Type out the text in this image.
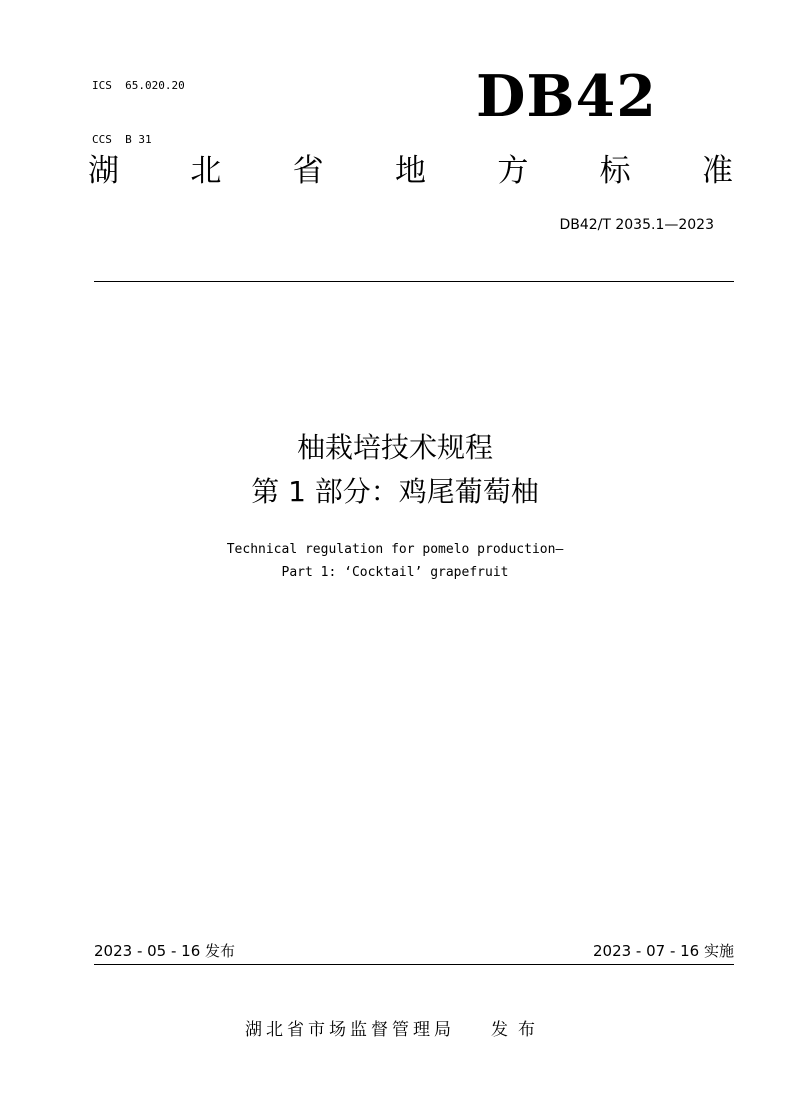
ICS  65.020.20

CCS  B 31

DB42
湖 北 省 地 方 标 准
DB42/T 2035.1—2023
柚栽培技术规程
第 1 部分：鸡尾葡萄柚
Technical regulation for pomelo production—
Part 1: ‘Cocktail’ grapefruit
2023 - 05 - 16 发布	2023 - 07 - 16 实施
湖北省市场监督管理局 发布
